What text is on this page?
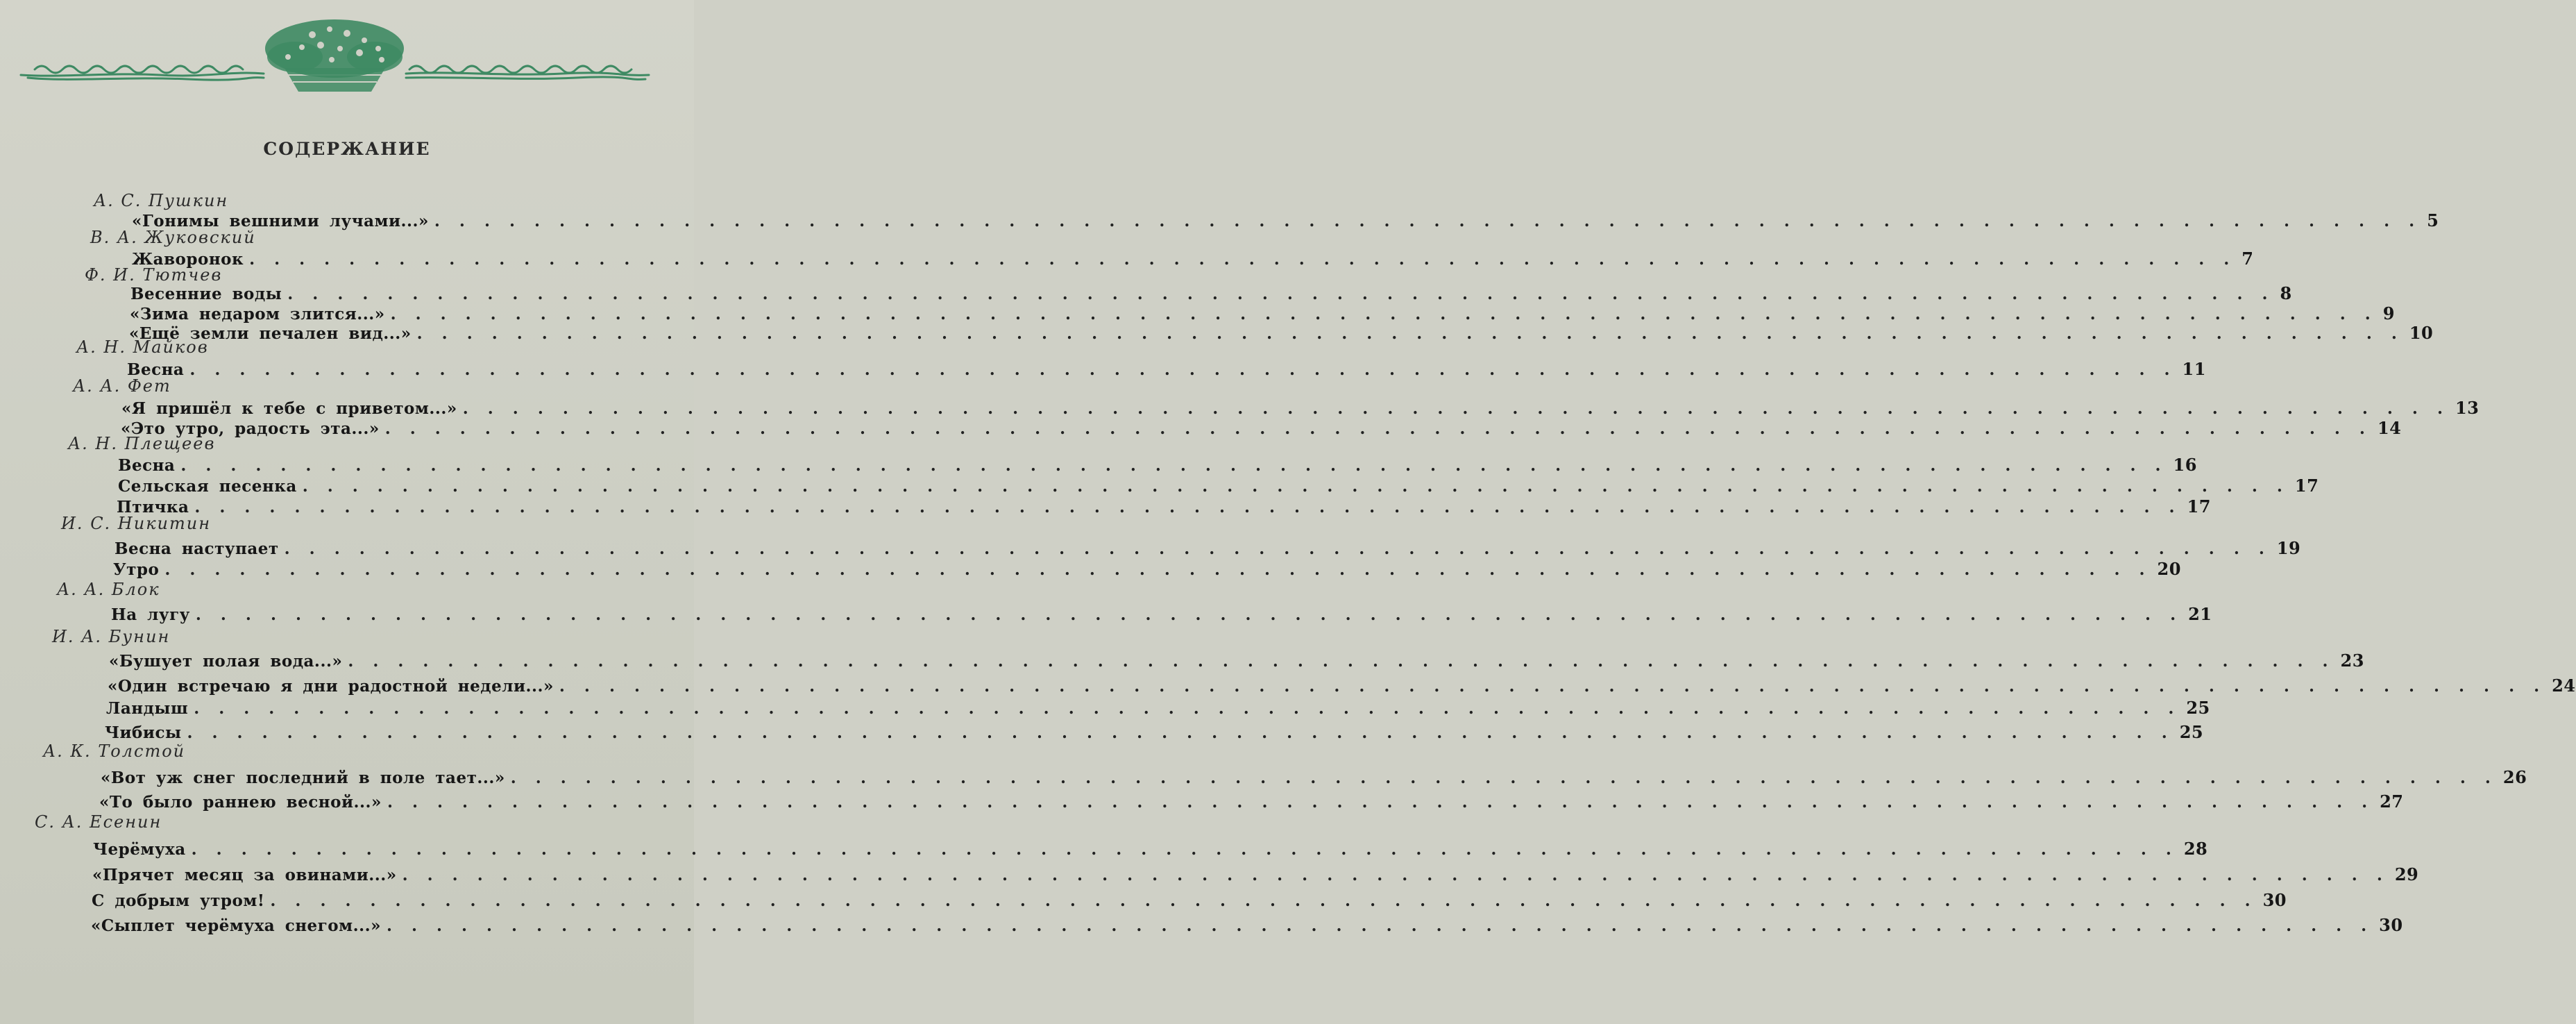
СОДЕРЖАНИЕ
А. С. Пушкин
«Гонимы вешними лучами...» . . . . . . . . . . . . . . . . . . . . . . . . . . . . . . . . . . . . . . . . . . . . . . . . . . . . . . . . . . . . . . . . . . . . . . . . . . . . . . . . 5
В. А. Жуковский
Жаворонок . . . . . . . . . . . . . . . . . . . . . . . . . . . . . . . . . . . . . . . . . . . . . . . . . . . . . . . . . . . . . . . . . . . . . . . . . . . . . . . . 7
Ф. И. Тютчев
Весенние воды . . . . . . . . . . . . . . . . . . . . . . . . . . . . . . . . . . . . . . . . . . . . . . . . . . . . . . . . . . . . . . . . . . . . . . . . . . . . . . . . 8
«Зима недаром злится...» . . . . . . . . . . . . . . . . . . . . . . . . . . . . . . . . . . . . . . . . . . . . . . . . . . . . . . . . . . . . . . . . . . . . . . . . . . . . . . . . 9
«Ещё земли печален вид...» . . . . . . . . . . . . . . . . . . . . . . . . . . . . . . . . . . . . . . . . . . . . . . . . . . . . . . . . . . . . . . . . . . . . . . . . . . . . . . . . 10
А. Н. Майков
Весна . . . . . . . . . . . . . . . . . . . . . . . . . . . . . . . . . . . . . . . . . . . . . . . . . . . . . . . . . . . . . . . . . . . . . . . . . . . . . . . . 11
А. А. Фет
«Я пришёл к тебе с приветом...» . . . . . . . . . . . . . . . . . . . . . . . . . . . . . . . . . . . . . . . . . . . . . . . . . . . . . . . . . . . . . . . . . . . . . . . . . . . . . . . . 13
«Это утро, радость эта...» . . . . . . . . . . . . . . . . . . . . . . . . . . . . . . . . . . . . . . . . . . . . . . . . . . . . . . . . . . . . . . . . . . . . . . . . . . . . . . . . 14
А. Н. Плещеев
Весна . . . . . . . . . . . . . . . . . . . . . . . . . . . . . . . . . . . . . . . . . . . . . . . . . . . . . . . . . . . . . . . . . . . . . . . . . . . . . . . . 16
Сельская песенка . . . . . . . . . . . . . . . . . . . . . . . . . . . . . . . . . . . . . . . . . . . . . . . . . . . . . . . . . . . . . . . . . . . . . . . . . . . . . . . . 17
Птичка . . . . . . . . . . . . . . . . . . . . . . . . . . . . . . . . . . . . . . . . . . . . . . . . . . . . . . . . . . . . . . . . . . . . . . . . . . . . . . . . 17
И. С. Никитин
Весна наступает . . . . . . . . . . . . . . . . . . . . . . . . . . . . . . . . . . . . . . . . . . . . . . . . . . . . . . . . . . . . . . . . . . . . . . . . . . . . . . . . 19
Утро . . . . . . . . . . . . . . . . . . . . . . . . . . . . . . . . . . . . . . . . . . . . . . . . . . . . . . . . . . . . . . . . . . . . . . . . . . . . . . . . 20
А. А. Блок
На лугу . . . . . . . . . . . . . . . . . . . . . . . . . . . . . . . . . . . . . . . . . . . . . . . . . . . . . . . . . . . . . . . . . . . . . . . . . . . . . . . . 21
И. А. Бунин
«Бушует полая вода...» . . . . . . . . . . . . . . . . . . . . . . . . . . . . . . . . . . . . . . . . . . . . . . . . . . . . . . . . . . . . . . . . . . . . . . . . . . . . . . . . 23
«Один встречаю я дни радостной недели...» . . . . . . . . . . . . . . . . . . . . . . . . . . . . . . . . . . . . . . . . . . . . . . . . . . . . . . . . . . . . . . . . . . . . . . . . . . . . . . . . 24
Ландыш . . . . . . . . . . . . . . . . . . . . . . . . . . . . . . . . . . . . . . . . . . . . . . . . . . . . . . . . . . . . . . . . . . . . . . . . . . . . . . . . 25
Чибисы . . . . . . . . . . . . . . . . . . . . . . . . . . . . . . . . . . . . . . . . . . . . . . . . . . . . . . . . . . . . . . . . . . . . . . . . . . . . . . . . 25
А. К. Толстой
«Вот уж снег последний в поле тает...» . . . . . . . . . . . . . . . . . . . . . . . . . . . . . . . . . . . . . . . . . . . . . . . . . . . . . . . . . . . . . . . . . . . . . . . . . . . . . . . . 26
«То было раннею весной...» . . . . . . . . . . . . . . . . . . . . . . . . . . . . . . . . . . . . . . . . . . . . . . . . . . . . . . . . . . . . . . . . . . . . . . . . . . . . . . . . 27
С. А. Есенин
Черёмуха . . . . . . . . . . . . . . . . . . . . . . . . . . . . . . . . . . . . . . . . . . . . . . . . . . . . . . . . . . . . . . . . . . . . . . . . . . . . . . . . 28
«Прячет месяц за овинами...» . . . . . . . . . . . . . . . . . . . . . . . . . . . . . . . . . . . . . . . . . . . . . . . . . . . . . . . . . . . . . . . . . . . . . . . . . . . . . . . . 29
С добрым утром! . . . . . . . . . . . . . . . . . . . . . . . . . . . . . . . . . . . . . . . . . . . . . . . . . . . . . . . . . . . . . . . . . . . . . . . . . . . . . . . . 30
«Сыплет черёмуха снегом...» . . . . . . . . . . . . . . . . . . . . . . . . . . . . . . . . . . . . . . . . . . . . . . . . . . . . . . . . . . . . . . . . . . . . . . . . . . . . . . . . 30
